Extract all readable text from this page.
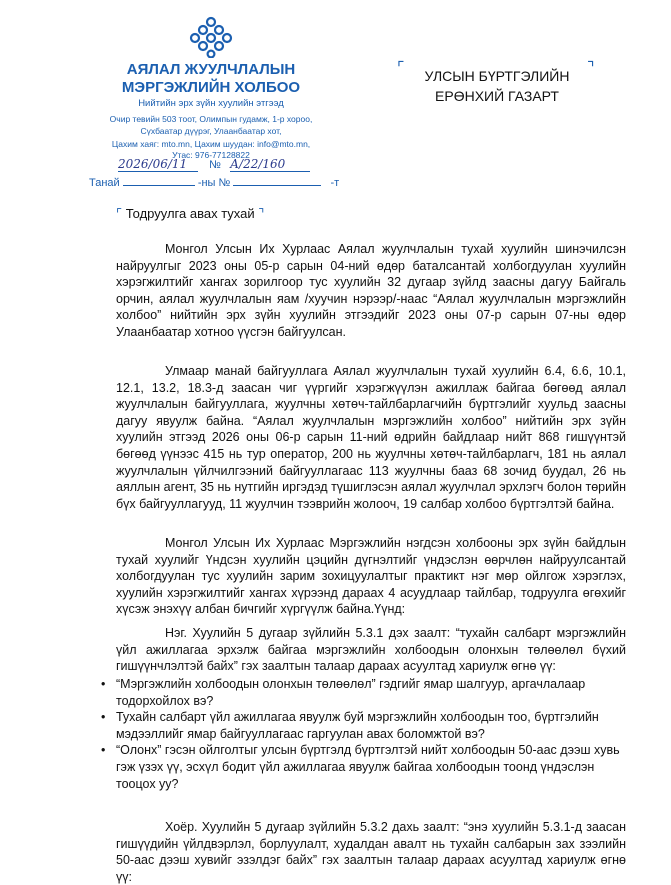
АЯЛАЛ ЖУУЛЧЛАЛЫН
МЭРГЭЖЛИЙН ХОЛБОО
Нийтийн эрх зүйн хуулийн этгээд
Очир тевийн 503 тоот, Олимпын гудамж, 1-р хороо,
Сүхбаатар дүүрэг, Улаанбаатар хот,
Цахим хаяг: mto.mn, Цахим шуудан: info@mto.mn,
Утас: 976-77128822
⌜	⌝
УЛСЫН БҮРТГЭЛИЙН
ЕРӨНХИЙ ГАЗАРТ
2026/06/11 № А/22/160
Танай	-ны №	-т
⌜ Тодруулга авах тухай ⌝

Монгол Улсын Их Хурлаас Аялал жуулчлалын тухай хуулийн шинэчилсэн найруулгыг 2023 оны 05-р сарын 04-ний өдөр баталсантай холбогдуулан хуулийн хэрэгжилтийг хангах зорилгоор тус хуулийн 32 дугаар зүйлд заасны дагуу Байгаль орчин, аялал жуулчлалын яам /хуучин нэрээр/-наас “Аялал жуулчлалын мэргэжлийн холбоо” нийтийн эрх зүйн хуулийн этгээдийг 2023 оны 07-р сарын 07-ны өдөр Улаанбаатар хотноо үүсгэн байгуулсан.

Улмаар манай байгууллага Аялал жуулчлалын тухай хуулийн 6.4, 6.6, 10.1, 12.1, 13.2, 18.3-д заасан чиг үүргийг хэрэгжүүлэн ажиллаж байгаа бөгөөд аялал жуулчлалын байгууллага, жуулчны хөтөч-тайлбарлагчийн бүртгэлийг хуульд заасны дагуу явуулж байна. “Аялал жуулчлалын мэргэжлийн холбоо” нийтийн эрх зүйн хуулийн этгээд 2026 оны 06-р сарын 11-ний өдрийн байдлаар нийт 868 гишүүнтэй бөгөөд үүнээс 415 нь тур оператор, 200 нь жуулчны хөтөч-тайлбарлагч, 181 нь аялал жуулчлалын үйлчилгээний байгууллагаас 113 жуулчны бааз 68 зочид буудал, 26 нь аяллын агент, 35 нь нутгийн иргэдэд түшиглэсэн аялал жуулчлал эрхлэгч болон төрийн бүх байгууллагууд, 11 жуулчин тээврийн жолооч, 19 салбар холбоо бүртгэлтэй байна.

Монгол Улсын Их Хурлаас Мэргэжлийн нэгдсэн холбооны эрх зүйн байдлын тухай хуулийг Үндсэн хуулийн цэцийн дүгнэлтийг үндэслэн өөрчлөн найруулсантай холбогдуулан тус хуулийн зарим зохицуулалтыг практикт нэг мөр ойлгож хэрэглэх, хуулийн хэрэгжилтийг хангах хүрээнд дараах 4 асуудлаар тайлбар, тодруулга өгөхийг хүсэж энэхүү албан бичгийг хүргүүлж байна.Үүнд:

Нэг. Хуулийн 5 дугаар зүйлийн 5.3.1 дэх заалт: “тухайн салбарт мэргэжлийн үйл ажиллагаа эрхэлж байгаа мэргэжлийн холбоодын олонхын төлөөлөл бүхий гишүүнчлэлтэй байх” гэх заалтын талаар дараах асуултад хариулж өгнө үү:

• “Мэргэжлийн холбоодын олонхын төлөөлөл” гэдгийг ямар шалгуур, аргачлалаар тодорхойлох вэ?
• Тухайн салбарт үйл ажиллагаа явуулж буй мэргэжлийн холбоодын тоо, бүртгэлийн мэдээллийг ямар байгууллагаас гаргуулан авах боломжтой вэ?
• “Олонх” гэсэн ойлголтыг улсын бүртгэлд бүртгэлтэй нийт холбоодын 50-аас дээш хувь гэж үзэх үү, эсхүл бодит үйл ажиллагаа явуулж байгаа холбоодын тоонд үндэслэн тооцох уу?

Хоёр. Хуулийн 5 дугаар зүйлийн 5.3.2 дахь заалт: “энэ хуулийн 5.3.1-д заасан гишүүдийн үйлдвэрлэл, борлуулалт, худалдан авалт нь тухайн салбарын зах зээлийн 50-аас дээш хувийг эзэлдэг байх” гэх заалтын талаар дараах асуултад хариулж өгнө үү:
